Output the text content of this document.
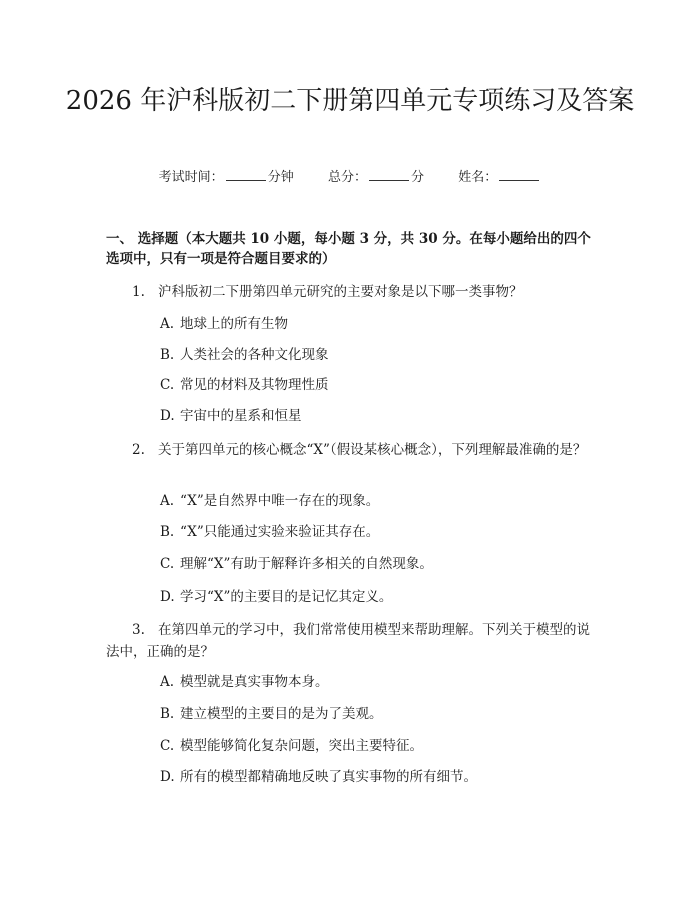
2026 年沪科版初二下册第四单元专项练习及答案
考试时间：	分钟	总分：	分	姓名：

一、 选择题（本大题共 10 小题，每小题 3 分，共 30 分。在每小题给出的四个选项中，只有一项是符合题目要求的）

1. 沪科版初二下册第四单元研究的主要对象是以下哪一类事物？
A. 地球上的所有生物
B. 人类社会的各种文化现象
C. 常见的材料及其物理性质
D. 宇宙中的星系和恒星
2. 关于第四单元的核心概念“X”（假设某核心概念），下列理解最准确的是？
A. “X”是自然界中唯一存在的现象。
B. “X”只能通过实验来验证其存在。
C. 理解“X”有助于解释许多相关的自然现象。
D. 学习“X”的主要目的是记忆其定义。
3. 在第四单元的学习中，我们常常使用模型来帮助理解。下列关于模型的说法中，正确的是？
A. 模型就是真实事物本身。
B. 建立模型的主要目的是为了美观。
C. 模型能够简化复杂问题，突出主要特征。
D. 所有的模型都精确地反映了真实事物的所有细节。
